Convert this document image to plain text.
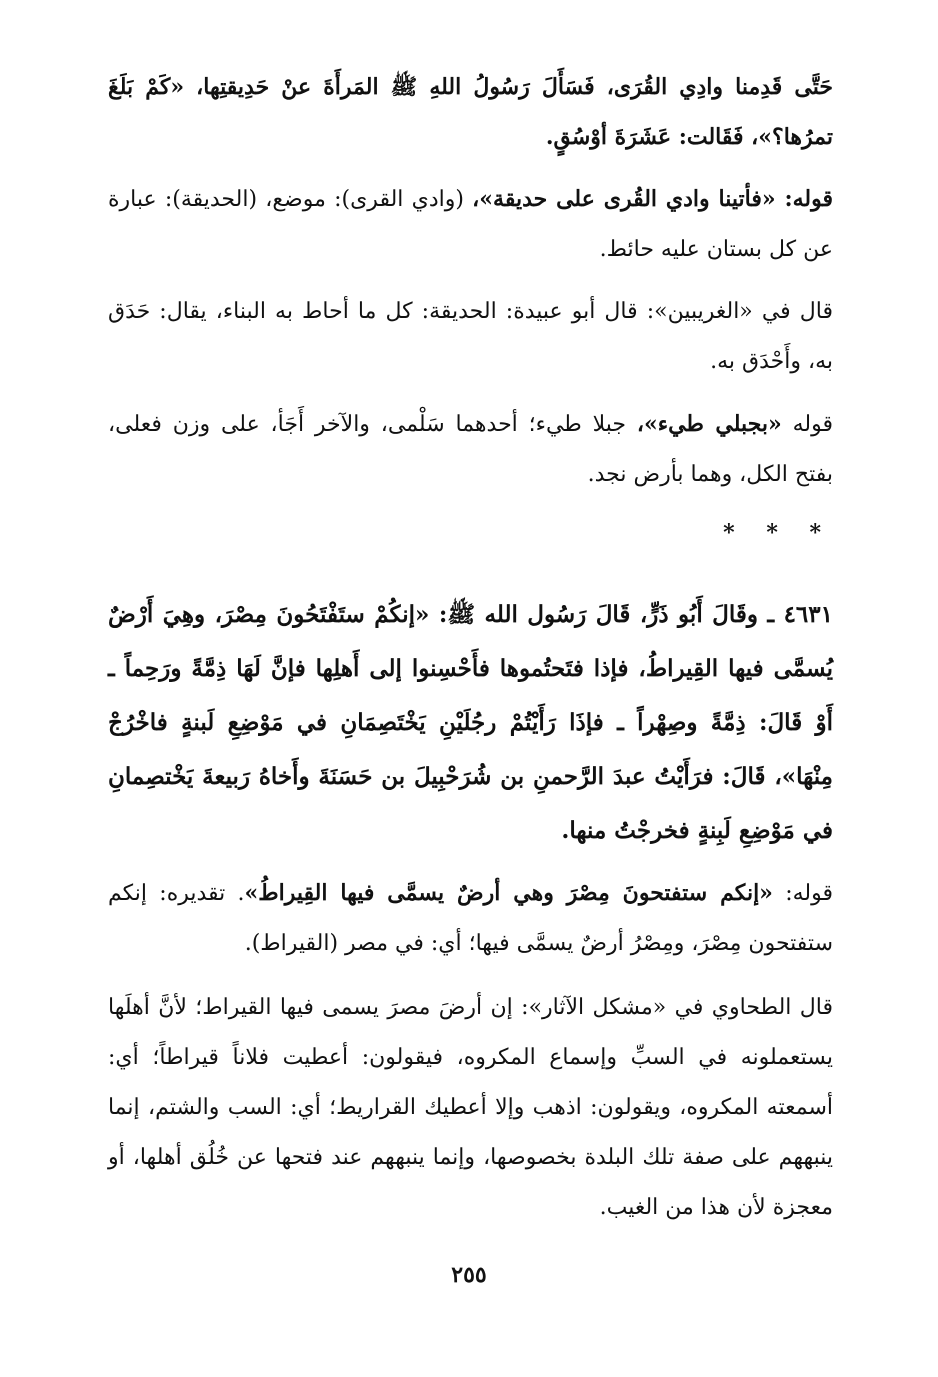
حَتَّى قَدِمنا وادِي القُرَى، فَسَأَلَ رَسُولُ اللهِ ﷺ المَرأَةَ عنْ حَدِيقتِها، «كَمْ بَلَغَ تمرُها؟»، فَقَالت: عَشَرَةَ أوْسُقٍ.

قوله: «فأتينا وادي القُرى على حديقة»، (وادي القرى): موضع، (الحديقة): عبارة عن كل بستان عليه حائط.

قال في «الغريبين»: قال أبو عبيدة: الحديقة: كل ما أحاط به البناء، يقال: حَدَق به، وأَحْدَق به.

قوله «بجبلي طيء»، جبلا طيء؛ أحدهما سَلْمى، والآخر أَجَأ، على وزن فعلى، بفتح الكل، وهما بأرض نجد.

* * *

٤٦٣١ ـ وقَالَ أَبُو ذَرٍّ، قَالَ رَسُول الله ﷺ: «إنكُمْ ستَفْتَحُونَ مِصْرَ، وهِيَ أَرْضٌ يُسمَّى فيها القِيراطُ، فإذا فتَحتُموها فأَحْسِنوا إلى أَهلِها فإنَّ لَهَا ذِمَّةً ورَحِماً ـ أَوْ قَالَ: ذِمَّةً وصِهْراً ـ فإذَا رَأَيْتُمْ رجُلَيْنِ يَخْتَصِمَانِ في مَوْضِعِ لَبنةٍ فاخْرُجْ مِنْهَا»، قَالَ: فرَأَيْتُ عبدَ الرَّحمنِ بن شُرَحْبِيلَ بن حَسَنَةَ وأَخاهُ رَبيعةَ يَخْتصِمانِ في مَوْضِعِ لَبِنةٍ فخرجْتُ منها.

قوله: «إنكم ستفتحونَ مِصْرَ وهي أرضٌ يسمَّى فيها القِيراطُ». تقديره: إنكم ستفتحون مِصْرَ، ومِصْرُ أرضٌ يسمَّى فيها؛ أي: في مصر (القيراط).

قال الطحاوي في «مشكل الآثار»: إن أرضَ مصرَ يسمى فيها القيراط؛ لأنَّ أهلَها يستعملونه في السبِّ وإسماع المكروه، فيقولون: أعطيت فلاناً قيراطاً؛ أي: أسمعته المكروه، ويقولون: اذهب وإلا أعطيك القراريط؛ أي: السب والشتم، إنما ينبههم على صفة تلك البلدة بخصوصها، وإنما ينبههم عند فتحها عن خُلُق أهلها، أو معجزة لأن هذا من الغيب.

٢٥٥
